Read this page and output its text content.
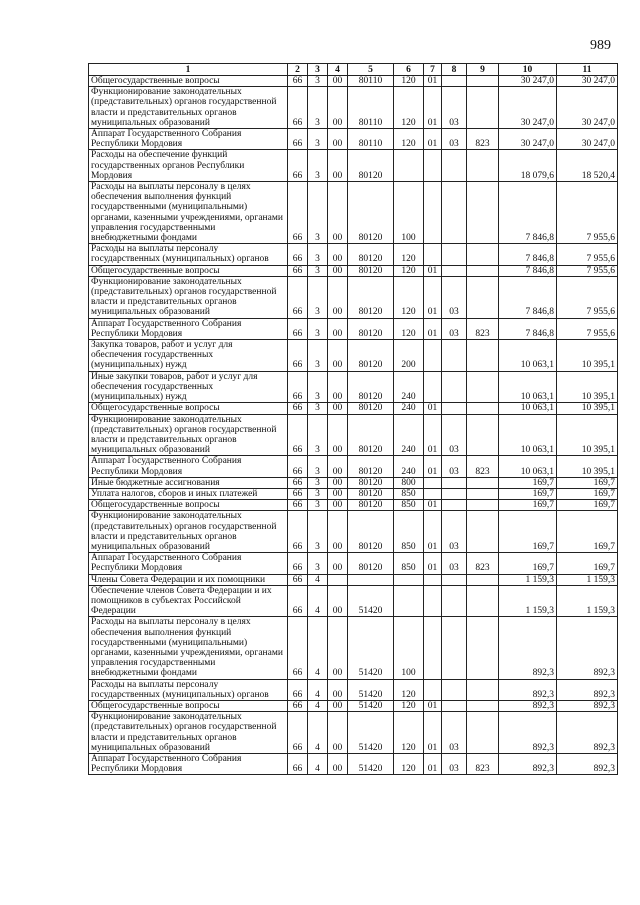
989
1	2	3	4	5	6	7	8	9	10	11
Общегосударственные вопросы	66	3	00	80110	120	01			30 247,0	30 247,0
Функционирование законодательных (представительных) органов государственной власти и представительных органов муниципальных образований	66	3	00	80110	120	01	03		30 247,0	30 247,0
Аппарат Государственного Собрания Республики Мордовия	66	3	00	80110	120	01	03	823	30 247,0	30 247,0
Расходы на обеспечение функций государственных органов Республики Мордовия	66	3	00	80120					18 079,6	18 520,4
Расходы на выплаты персоналу в целях обеспечения выполнения функций государственными (муниципальными) органами, казенными учреждениями, органами управления государственными внебюджетными фондами	66	3	00	80120	100				7 846,8	7 955,6
Расходы на выплаты персоналу государственных (муниципальных) органов	66	3	00	80120	120				7 846,8	7 955,6
Общегосударственные вопросы	66	3	00	80120	120	01			7 846,8	7 955,6
Функционирование законодательных (представительных) органов государственной власти и представительных органов муниципальных образований	66	3	00	80120	120	01	03		7 846,8	7 955,6
Аппарат Государственного Собрания Республики Мордовия	66	3	00	80120	120	01	03	823	7 846,8	7 955,6
Закупка товаров, работ и услуг для обеспечения государственных (муниципальных) нужд	66	3	00	80120	200				10 063,1	10 395,1
Иные закупки товаров, работ и услуг для обеспечения государственных (муниципальных) нужд	66	3	00	80120	240				10 063,1	10 395,1
Общегосударственные вопросы	66	3	00	80120	240	01			10 063,1	10 395,1
Функционирование законодательных (представительных) органов государственной власти и представительных органов муниципальных образований	66	3	00	80120	240	01	03		10 063,1	10 395,1
Аппарат Государственного Собрания Республики Мордовия	66	3	00	80120	240	01	03	823	10 063,1	10 395,1
Иные бюджетные ассигнования	66	3	00	80120	800				169,7	169,7
Уплата налогов, сборов и иных платежей	66	3	00	80120	850				169,7	169,7
Общегосударственные вопросы	66	3	00	80120	850	01			169,7	169,7
Функционирование законодательных (представительных) органов государственной власти и представительных органов муниципальных образований	66	3	00	80120	850	01	03		169,7	169,7
Аппарат Государственного Собрания Республики Мордовия	66	3	00	80120	850	01	03	823	169,7	169,7
Члены Совета Федерации и их помощники	66	4							1 159,3	1 159,3
Обеспечение членов Совета Федерации и их помощников в субъектах Российской Федерации	66	4	00	51420					1 159,3	1 159,3
Расходы на выплаты персоналу в целях обеспечения выполнения функций государственными (муниципальными) органами, казенными учреждениями, органами управления государственными внебюджетными фондами	66	4	00	51420	100				892,3	892,3
Расходы на выплаты персоналу государственных (муниципальных) органов	66	4	00	51420	120				892,3	892,3
Общегосударственные вопросы	66	4	00	51420	120	01			892,3	892,3
Функционирование законодательных (представительных) органов государственной власти и представительных органов муниципальных образований	66	4	00	51420	120	01	03		892,3	892,3
Аппарат Государственного Собрания Республики Мордовия	66	4	00	51420	120	01	03	823	892,3	892,3
